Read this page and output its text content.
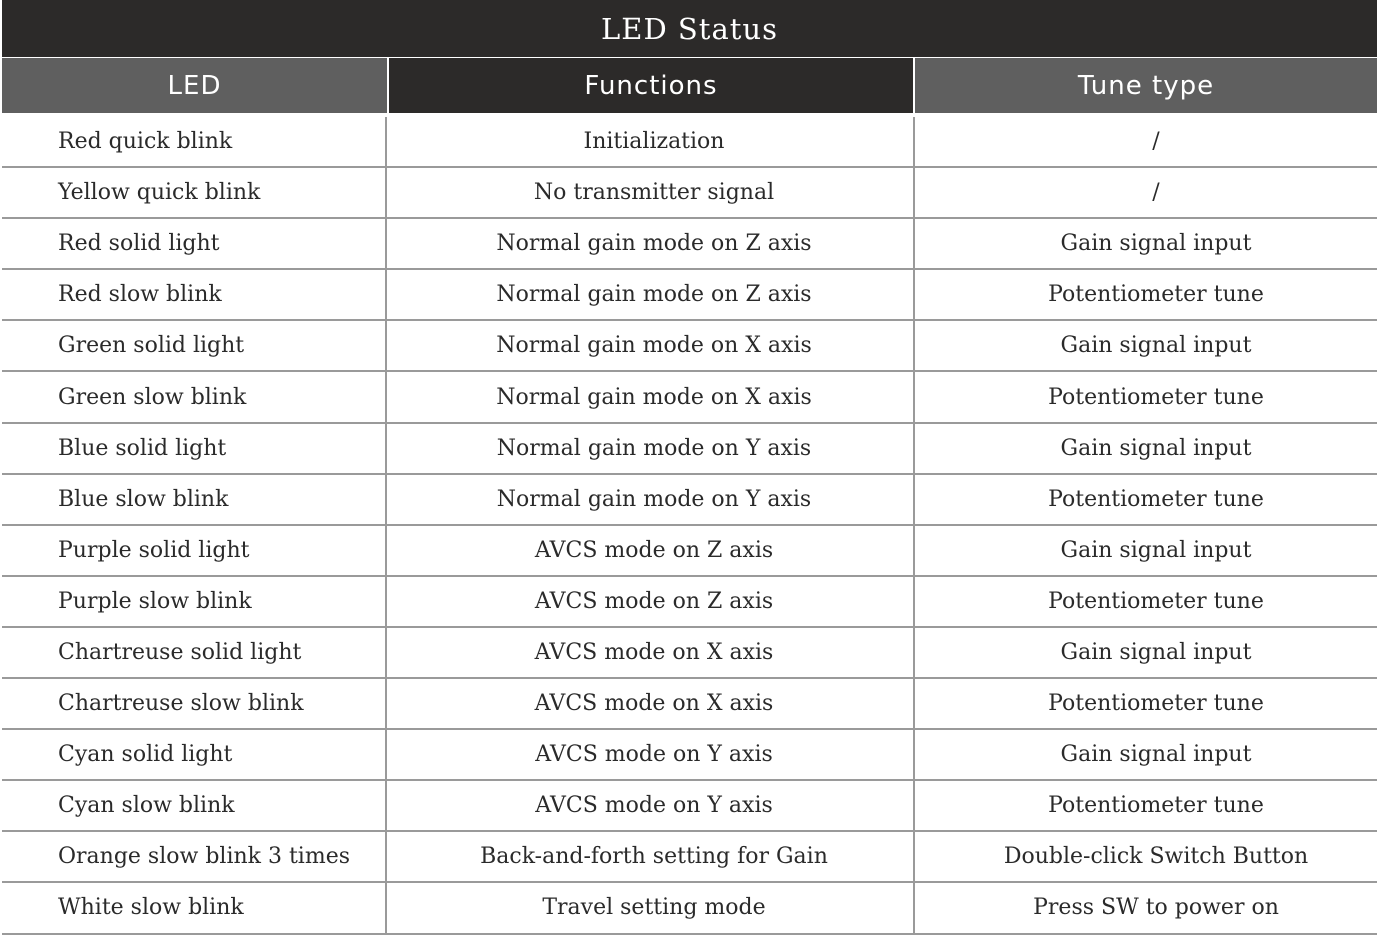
LED Status
LED	Functions	Tune type
Red quick blink	Initialization	/
Yellow quick blink	No transmitter signal	/
Red solid light	Normal gain mode on Z axis	Gain signal input
Red slow blink	Normal gain mode on Z axis	Potentiometer tune
Green solid light	Normal gain mode on X axis	Gain signal input
Green slow blink	Normal gain mode on X axis	Potentiometer tune
Blue solid light	Normal gain mode on Y axis	Gain signal input
Blue slow blink	Normal gain mode on Y axis	Potentiometer tune
Purple solid light	AVCS mode on Z axis	Gain signal input
Purple slow blink	AVCS mode on Z axis	Potentiometer tune
Chartreuse solid light	AVCS mode on X axis	Gain signal input
Chartreuse slow blink	AVCS mode on X axis	Potentiometer tune
Cyan solid light	AVCS mode on Y axis	Gain signal input
Cyan slow blink	AVCS mode on Y axis	Potentiometer tune
Orange slow blink 3 times	Back-and-forth setting for Gain	Double-click Switch Button
White slow blink	Travel setting mode	Press SW to power on
